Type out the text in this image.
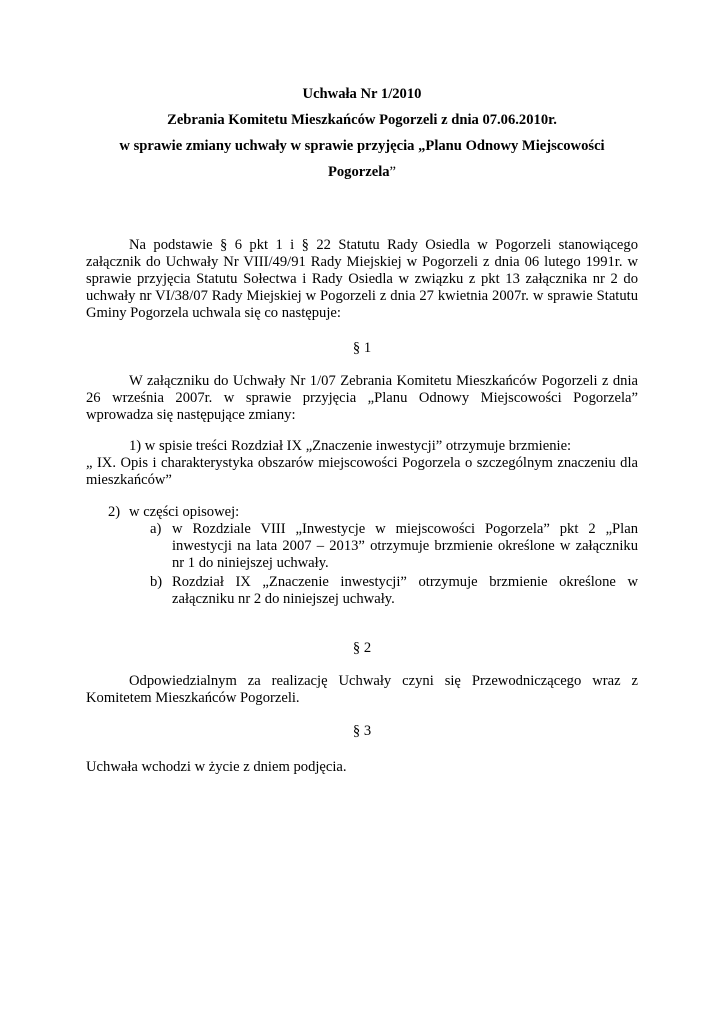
Uchwała Nr 1/2010
Zebrania Komitetu Mieszkańców Pogorzeli z dnia 07.06.2010r.
w sprawie zmiany uchwały w sprawie przyjęcia „Planu Odnowy Miejscowości
Pogorzela”
Na podstawie § 6 pkt 1 i § 22 Statutu Rady Osiedla w Pogorzeli stanowiącego
załącznik do Uchwały Nr VIII/49/91 Rady Miejskiej w Pogorzeli z dnia 06 lutego 1991r. w
sprawie przyjęcia Statutu Sołectwa i Rady Osiedla w związku z pkt 13 załącznika nr 2 do
uchwały nr VI/38/07 Rady Miejskiej w Pogorzeli z dnia 27 kwietnia 2007r. w sprawie Statutu
Gminy Pogorzela uchwala się co następuje:
§ 1
W załączniku do Uchwały Nr 1/07 Zebrania Komitetu Mieszkańców Pogorzeli z dnia
26 września 2007r. w sprawie przyjęcia „Planu Odnowy Miejscowości Pogorzela”
wprowadza się następujące zmiany:
1) w spisie treści Rozdział IX „Znaczenie inwestycji” otrzymuje brzmienie:
„ IX. Opis i charakterystyka obszarów miejscowości Pogorzela o szczególnym znaczeniu dla
mieszkańców”
2) w części opisowej:
a) w Rozdziale VIII „Inwestycje w miejscowości Pogorzela” pkt 2 „Plan
inwestycji na lata 2007 – 2013” otrzymuje brzmienie określone w załączniku
nr 1 do niniejszej uchwały.
b) Rozdział IX „Znaczenie inwestycji” otrzymuje brzmienie określone w
załączniku nr 2 do niniejszej uchwały.
§ 2
Odpowiedzialnym za realizację Uchwały czyni się Przewodniczącego wraz z
Komitetem Mieszkańców Pogorzeli.
§ 3
Uchwała wchodzi w życie z dniem podjęcia.
